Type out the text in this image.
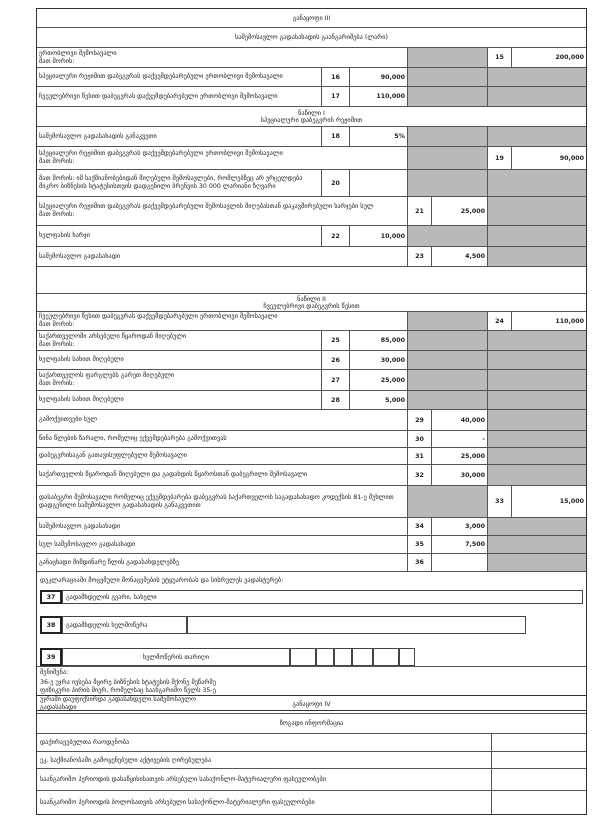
განაყოფი III
საშემოსავლო გადასახადის გაანგარიშება (ლარი)
ერთობლივი შემოსავალი
მათ შორის:	15	200,000
სპეციალური რეჟიმით დაბეგვრას დაქვემდებარებული ერთობლივი შემოსავალი	16	90,000
ჩვეულებრივი წესით დაბეგვრას დაქვემდებარებული ერთობლივი შემოსავალი	17	110,000
ნაწილი I
სპეციალური დაბეგვრის რეჟიმით
საშემოსავლო გადასახადის განაკვეთი	18	5%
სპეციალური რეჟიმით დაბეგვრას დაქვემდებარებული ერთობლივი შემოსავალი
მათ შორის:	19	90,000
მათ შორის: იმ საქმიანობებიდან მიღებული შემოსავლები, რომლებზეც არ ვრცელდება მიკრო ბიზნესის სტატუსისთვის დადგენილი ბრუნვის 30 000 ლარიანი ზღვარი	20
სპეციალური რეჟიმით დაბეგვრას დაქვემდებარებული შემოსავლის მიღებასთან დაკავშირებული ხარჯები სულ
მათ შორის:	21	25,000
ხელფასის ხარჯი	22	10,000
საშემოსავლო გადასახადი	23	4,500
ნაწილი II
ჩვეულებრივი დაბეგვრის წესით
ჩვეულებრივი წესით დაბეგვრას დაქვემდებარებული ერთობლივი შემოსავალი
მათ შორის:	24	110,000
საქართველოში არსებული წყაროდან მიღებული
მათ შორის:	25	85,000
ხელფასის სახით მიღებული	26	30,000
საქართველოს ფარგლებს გარეთ მიღებული
მათ შორის:	27	25,000
ხელფასის სახით მიღებული	28	5,000
გამოქვითვები სულ	29	40,000
წინა წლების ზარალი, რომელიც ექვემდებარება გამოქვითვას	30	-
დაბეგვრისაგან გათავისუფლებული შემოსავალი	31	25,000
საქართველოს წყაროდან მიღებული და გადახდის წყაროსთან დაბეგრილი შემოსავალი	32	30,000
დასაბეგრი შემოსავალი რომელიც ექვემდებარება დაბეგვრას საქართველოს საგადასახადო კოდექსის 81-ე მუხლით დადგენილი საშემოსავლო გადასახადის განაკვეთით	33	15,000
საშემოსავლო გადასახადი	34	3,000
სულ საშემოსავლო გადასახადი	35	7,500
განაცხადი მიმდინარე წლის გადასახდელებზე	36
დეკლარაციაში მოცემული მონაცემების უტყუარობას და სისრულეს ვადასტურებ:
37	გადამხდელის გვარი, სახელი
38	გადამხდელის ხელმოწერა
39	ხელმოწერის თარიღი
შენიშვნა:
36-ე უჯრა ივსება მცირე ბიზნესის სტატუსის მქონე მეწარმე
ფიზიკური პირის მიერ, რომელსაც საანგარიშო წელს 35-ე
უჯრაში დაუფიქსირდა გადასახდელი საშემოსავლო
გადასახადი	განაყოფი IV
ზოგადი ინფორმაცია
დაქირავებულთა რაოდენობა
ეკ. საქმიანობაში გამოყენებული აქტივების ღირებულება
საანგარიშო პერიოდის დასაწყისისათვის არსებული სასაქონლო-მატერიალური ფასეულობები
საანგარიშო პერიოდის ბოლოსათვის არსებული სასაქონლო-მატერიალური ფასეულობები
